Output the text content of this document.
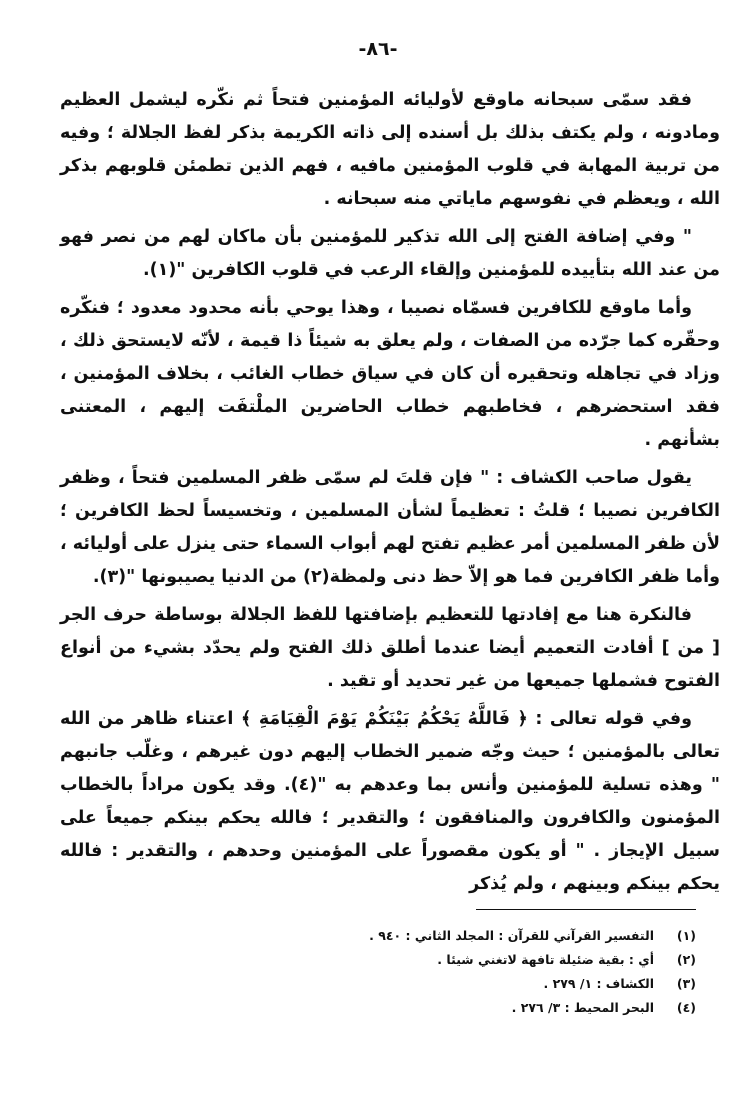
-٨٦-

فقد سمّى سبحانه ماوقع لأوليائه المؤمنين فتحاً ثم نكّره ليشمل العظيم ومادونه ، ولم يكتف بذلك بل أسنده إلى ذاته الكريمة بذكر لفظ الجلالة ؛ وفيه من تربية المهابة في قلوب المؤمنين مافيه ، فهم الذين تطمئن قلوبهم بذكر الله ، ويعظم في نفوسهم ماياتي منه سبحانه .

" وفي إضافة الفتح إلى الله تذكير للمؤمنين بأن ماكان لهم من نصر فهو من عند الله بتأييده للمؤمنين وإلقاء الرعب في قلوب الكافرين "(١).

وأما ماوقع للكافرين فسمّاه نصيبا ، وهذا يوحي بأنه محدود معدود ؛ فنكّره وحقّره كما جرّده من الصفات ، ولم يعلق به شيئاً ذا قيمة ، لأنّه لايستحق ذلك ، وزاد في تجاهله وتحقيره أن كان في سياق خطاب الغائب ، بخلاف المؤمنين ، فقد استحضرهم ، فخاطبهم خطاب الحاضرين الملْتفَت إليهم ، المعتنى بشأنهم .

يقول صاحب الكشاف : " فإن قلتَ لم سمّى ظفر المسلمين فتحاً ، وظفر الكافرين نصيبا ؛ قلتُ : تعظيماً لشأن المسلمين ، وتخسيساً لحظ الكافرين ؛ لأن ظفر المسلمين أمر عظيم تفتح لهم أبواب السماء حتى ينزل على أوليائه ، وأما ظفر الكافرين فما هو إلاّ حظ دنى ولمظة(٢) من الدنيا يصيبونها "(٣).

فالنكرة هنا مع إفادتها للتعظيم بإضافتها للفظ الجلالة بوساطة حرف الجر [ من ] أفادت التعميم أيضا عندما أطلق ذلك الفتح ولم يحدّد بشيء من أنواع الفتوح فشملها جميعها من غير تحديد أو تقيد .

وفي قوله تعالى : ﴿ فَاللَّهُ يَحْكُمُ بَيْنَكُمْ يَوْمَ الْقِيَامَةِ ﴾ اعتناء ظاهر من الله تعالى بالمؤمنين ؛ حيث وجّه ضمير الخطاب إليهم دون غيرهم ، وغلّب جانبهم " وهذه تسلية للمؤمنين وأنس بما وعدهم به "(٤). وقد يكون مراداً بالخطاب المؤمنون والكافرون والمنافقون ؛ والتقدير ؛ فالله يحكم بينكم جميعاً على سبيل الإيجاز . " أو يكون مقصوراً على المؤمنين وحدهم ، والتقدير : فالله يحكم بينكم وبينهم ، ولم يُذكر

(١)
التفسير القرآني للقرآن : المجلد الثاني : ٩٤٠ .
(٢)
أي : بقية ضئيلة تافهة لاتغني شيئا .
(٣)
الكشاف : ١/ ٢٧٩ .
(٤)
البحر المحيط : ٣/ ٢٧٦ .
